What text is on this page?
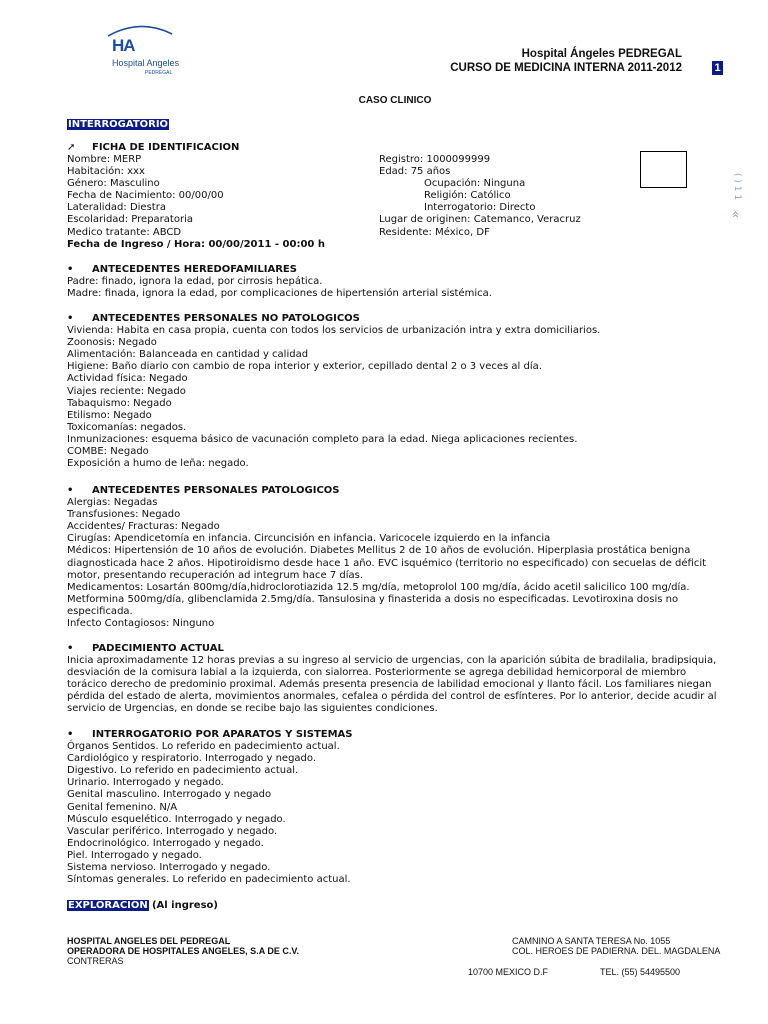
HA
Hospital Angeles
PEDREGAL
Hospital Ángeles PEDREGAL
CURSO DE MEDICINA INTERNA 2011-2012	1
CASO CLINICO
INTERROGATORIO
➚ FICHA DE IDENTIFICACION
Nombre: MERP
Habitación: xxx
Género: Masculino
Fecha de Nacimiento: 00/00/00
Lateralidad: Diestra
Escolaridad: Preparatoria
Medico tratante: ABCD
Fecha de Ingreso / Hora: 00/00/2011 - 00:00 h
Registro: 1000099999
Edad: 75 años
Ocupación: Ninguna
Religión: Católico
Interrogatorio: Directo
Lugar de originen: Catemanco, Veracruz
Residente: México, DF
( ) 1 1
«
• ANTECEDENTES HEREDOFAMILIARES
Padre: finado, ignora la edad, por cirrosis hepática.
Madre: finada, ignora la edad, por complicaciones de hipertensión arterial sistémica.
• ANTECEDENTES PERSONALES NO PATOLOGICOS
Vivienda: Habita en casa propia, cuenta con todos los servicios de urbanización intra y extra domiciliarios.
Zoonosis: Negado
Alimentación: Balanceada en cantidad y calidad
Higiene: Baño diario con cambio de ropa interior y exterior, cepillado dental 2 o 3 veces al día.
Actividad física: Negado
Viajes reciente: Negado
Tabaquismo: Negado
Etilismo: Negado
Toxicomanías: negados.
Inmunizaciones: esquema básico de vacunación completo para la edad. Niega aplicaciones recientes.
COMBE: Negado
Exposición a humo de leña: negado.
• ANTECEDENTES PERSONALES PATOLOGICOS
Alergias: Negadas
Transfusiones: Negado
Accidentes/ Fracturas: Negado
Cirugías: Apendicetomía en infancia. Circuncisión en infancia. Varicocele izquierdo en la infancia
Médicos: Hipertensión de 10 años de evolución. Diabetes Mellitus 2 de 10 años de evolución. Hiperplasia prostática benigna
diagnosticada hace 2 años. Hipotiroidismo desde hace 1 año. EVC isquémico (territorio no especificado) con secuelas de déficit
motor, presentando recuperación ad integrum hace 7 días.
Medicamentos: Losartán 800mg/día,hidroclorotiazida 12.5 mg/día, metoprolol 100 mg/día, ácido acetil salicilico 100 mg/día.
Metformina 500mg/día, glibenclamida 2.5mg/día. Tansulosina y finasterida a dosis no especificadas. Levotiroxina dosis no
especificada.
Infecto Contagiosos: Ninguno
• PADECIMIENTO ACTUAL
Inicia aproximadamente 12 horas previas a su ingreso al servicio de urgencias, con la aparición súbita de bradilalia, bradipsiquia,
desviación de la comisura labial a la izquierda, con sialorrea. Posteriormente se agrega debilidad hemicorporal de miembro
torácico derecho de predominio proximal. Además presenta presencia de labilidad emocional y llanto fácil. Los familiares niegan
pérdida del estado de alerta, movimientos anormales, cefalea o pérdida del control de esfínteres. Por lo anterior, decide acudir al
servicio de Urgencias, en donde se recibe bajo las siguientes condiciones.
• INTERROGATORIO POR APARATOS Y SISTEMAS
Órganos Sentidos. Lo referido en padecimiento actual.
Cardiológico y respiratorio. Interrogado y negado.
Digestivo. Lo referido en padecimiento actual.
Urinario. Interrogado y negado.
Genital masculino. Interrogado y negado
Genital femenino. N/A
Músculo esquelético. Interrogado y negado.
Vascular periférico. Interrogado y negado.
Endocrinológico. Interrogado y negado.
Piel. Interrogado y negado.
Sistema nervioso. Interrogado y negado.
Síntomas generales. Lo referido en padecimiento actual.
EXPLORACION (Al ingreso)
HOSPITAL ANGELES DEL PEDREGAL
OPERADORA DE HOSPITALES ANGELES, S.A DE C.V.
CONTRERAS
CAMNINO A SANTA TERESA No. 1055
COL. HEROES DE PADIERNA. DEL. MAGDALENA
10700 MEXICO D.F	TEL. (55) 54495500
